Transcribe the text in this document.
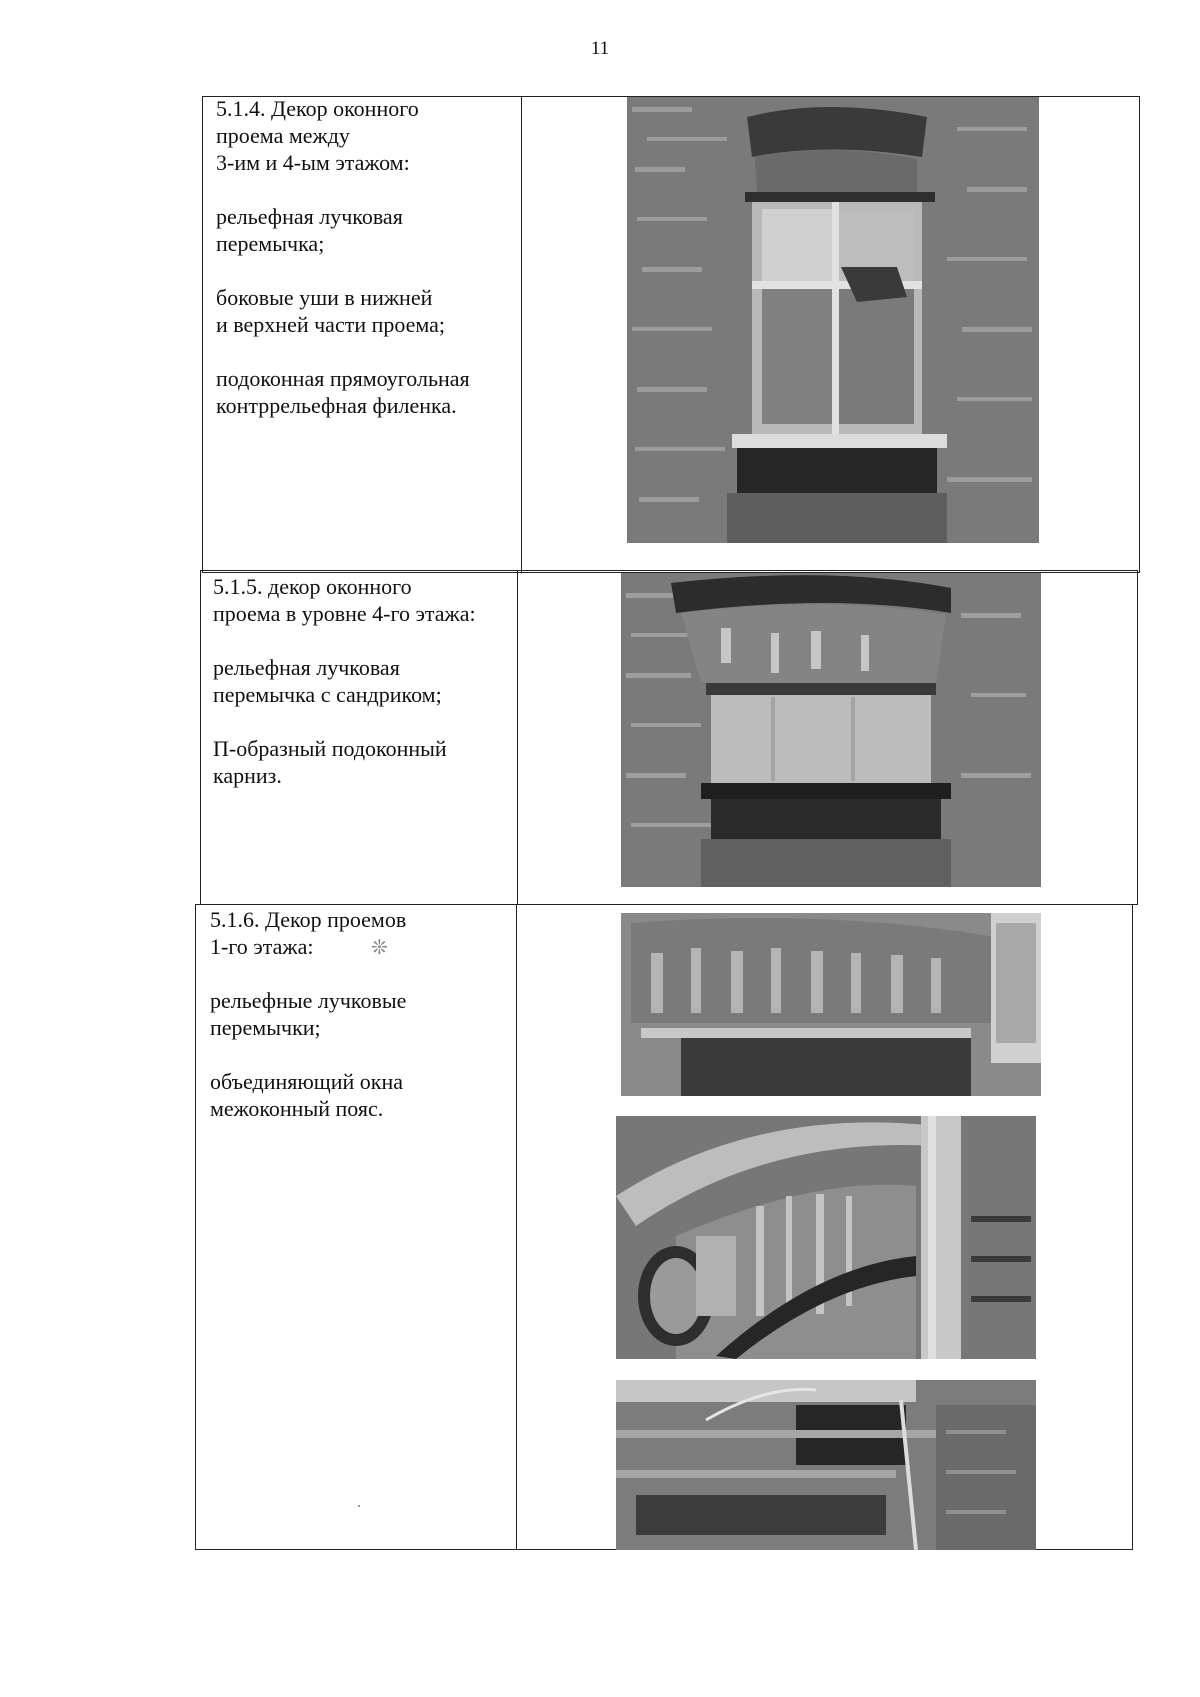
11

5.1.4. Декор оконного
проема между
3-им и 4-ым этажом:

рельефная лучковая
перемычка;

боковые уши в нижней
и верхней части проема;

подоконная прямоугольная
контррельефная филенка.

5.1.5. декор оконного
проема в уровне 4-го этажа:

рельефная лучковая
перемычка с сандриком;

П-образный подоконный
карниз.

5.1.6. Декор проемов
1-го этажа:

рельефные лучковые
перемычки;

объединяющий окна
межоконный пояс.

❊
